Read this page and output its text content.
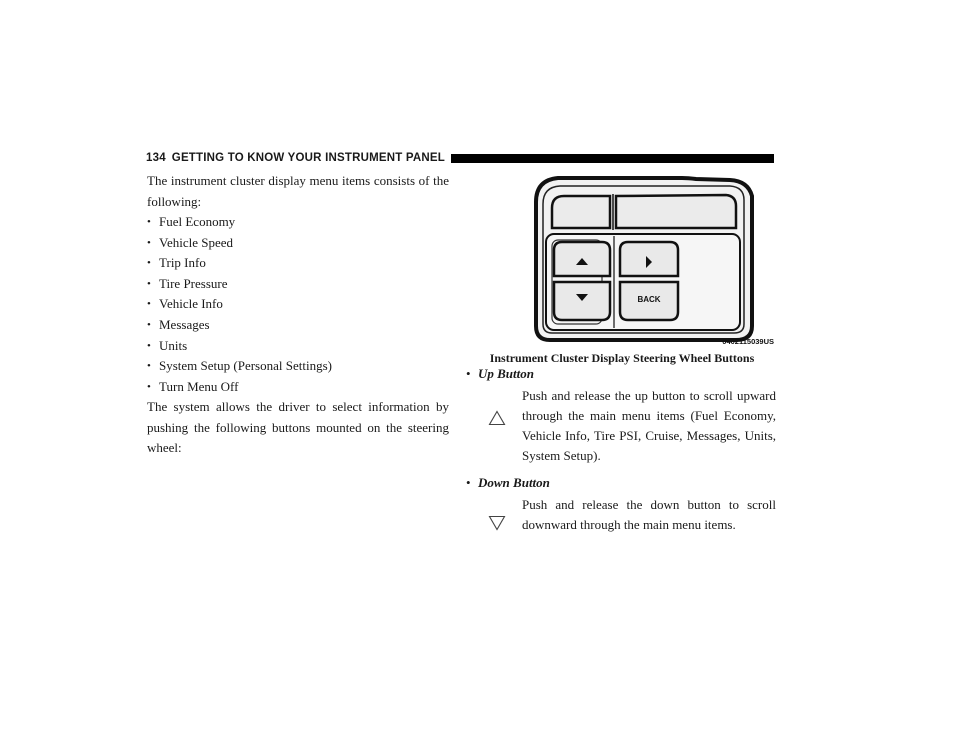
134 GETTING TO KNOW YOUR INSTRUMENT PANEL

The instrument cluster display menu items consists of the following:

• Fuel Economy
• Vehicle Speed
• Trip Info
• Tire Pressure
• Vehicle Info
• Messages
• Units
• System Setup (Personal Settings)
• Turn Menu Off

The system allows the driver to select information by pushing the following buttons mounted on the steering wheel:

BACK
0402115039US
Instrument Cluster Display Steering Wheel Buttons
• Up Button
Push and release the up button to scroll upward through the main menu items (Fuel Economy, Vehicle Info, Tire PSI, Cruise, Messages, Units, System Setup).
• Down Button
Push and release the down button to scroll downward through the main menu items.
